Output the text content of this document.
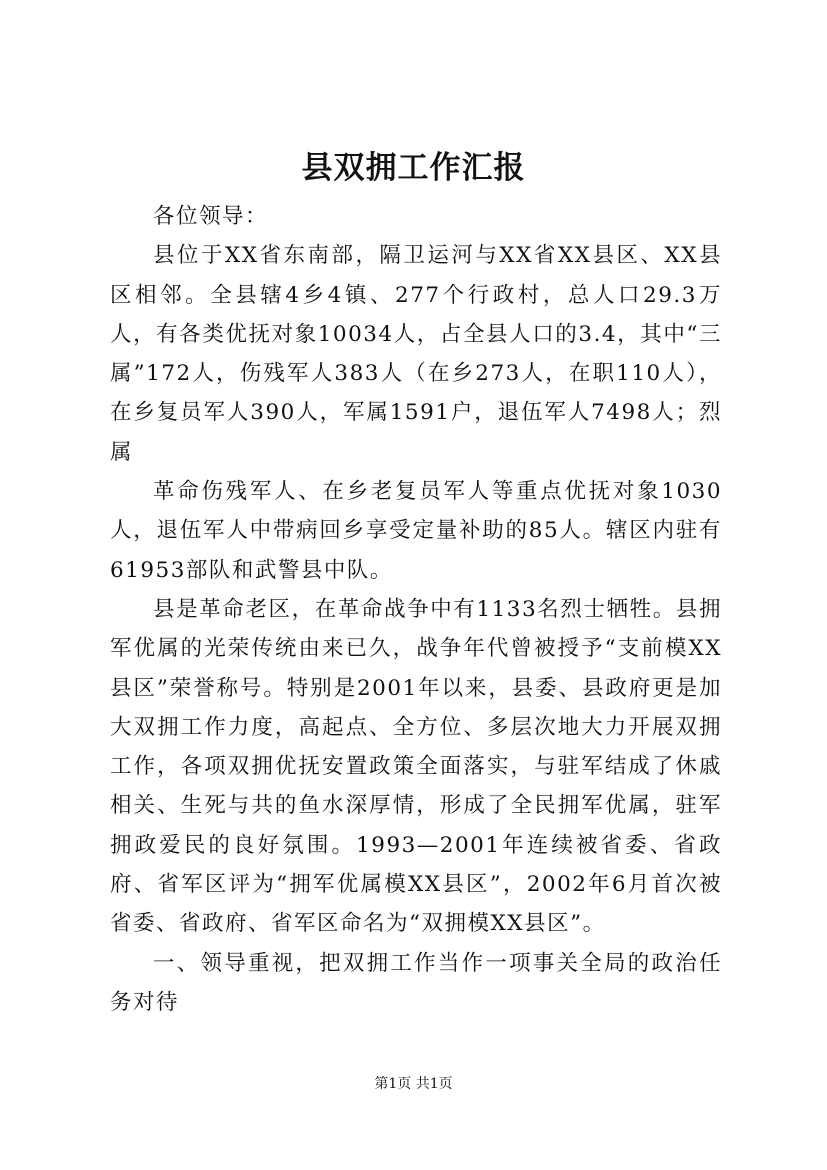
县双拥工作汇报

各位领导：

县位于XX省东南部，隔卫运河与XX省XX县区、XX县区相邻。全县辖4乡4镇、277个行政村，总人口29.3万人，有各类优抚对象10034人，占全县人口的3.4，其中“三属”172人，伤残军人383人（在乡273人，在职110人），在乡复员军人390人，军属1591户，退伍军人7498人；烈属

革命伤残军人、在乡老复员军人等重点优抚对象1030人，退伍军人中带病回乡享受定量补助的85人。辖区内驻有61953部队和武警县中队。

县是革命老区，在革命战争中有1133名烈士牺牲。县拥军优属的光荣传统由来已久，战争年代曾被授予“支前模XX县区”荣誉称号。特别是2001年以来，县委、县政府更是加大双拥工作力度，高起点、全方位、多层次地大力开展双拥工作，各项双拥优抚安置政策全面落实，与驻军结成了休戚相关、生死与共的鱼水深厚情，形成了全民拥军优属，驻军拥政爱民的良好氛围。1993—2001年连续被省委、省政府、省军区评为“拥军优属模XX县区”，2002年6月首次被省委、省政府、省军区命名为“双拥模XX县区”。

一、领导重视，把双拥工作当作一项事关全局的政治任务对待

第1页 共1页
